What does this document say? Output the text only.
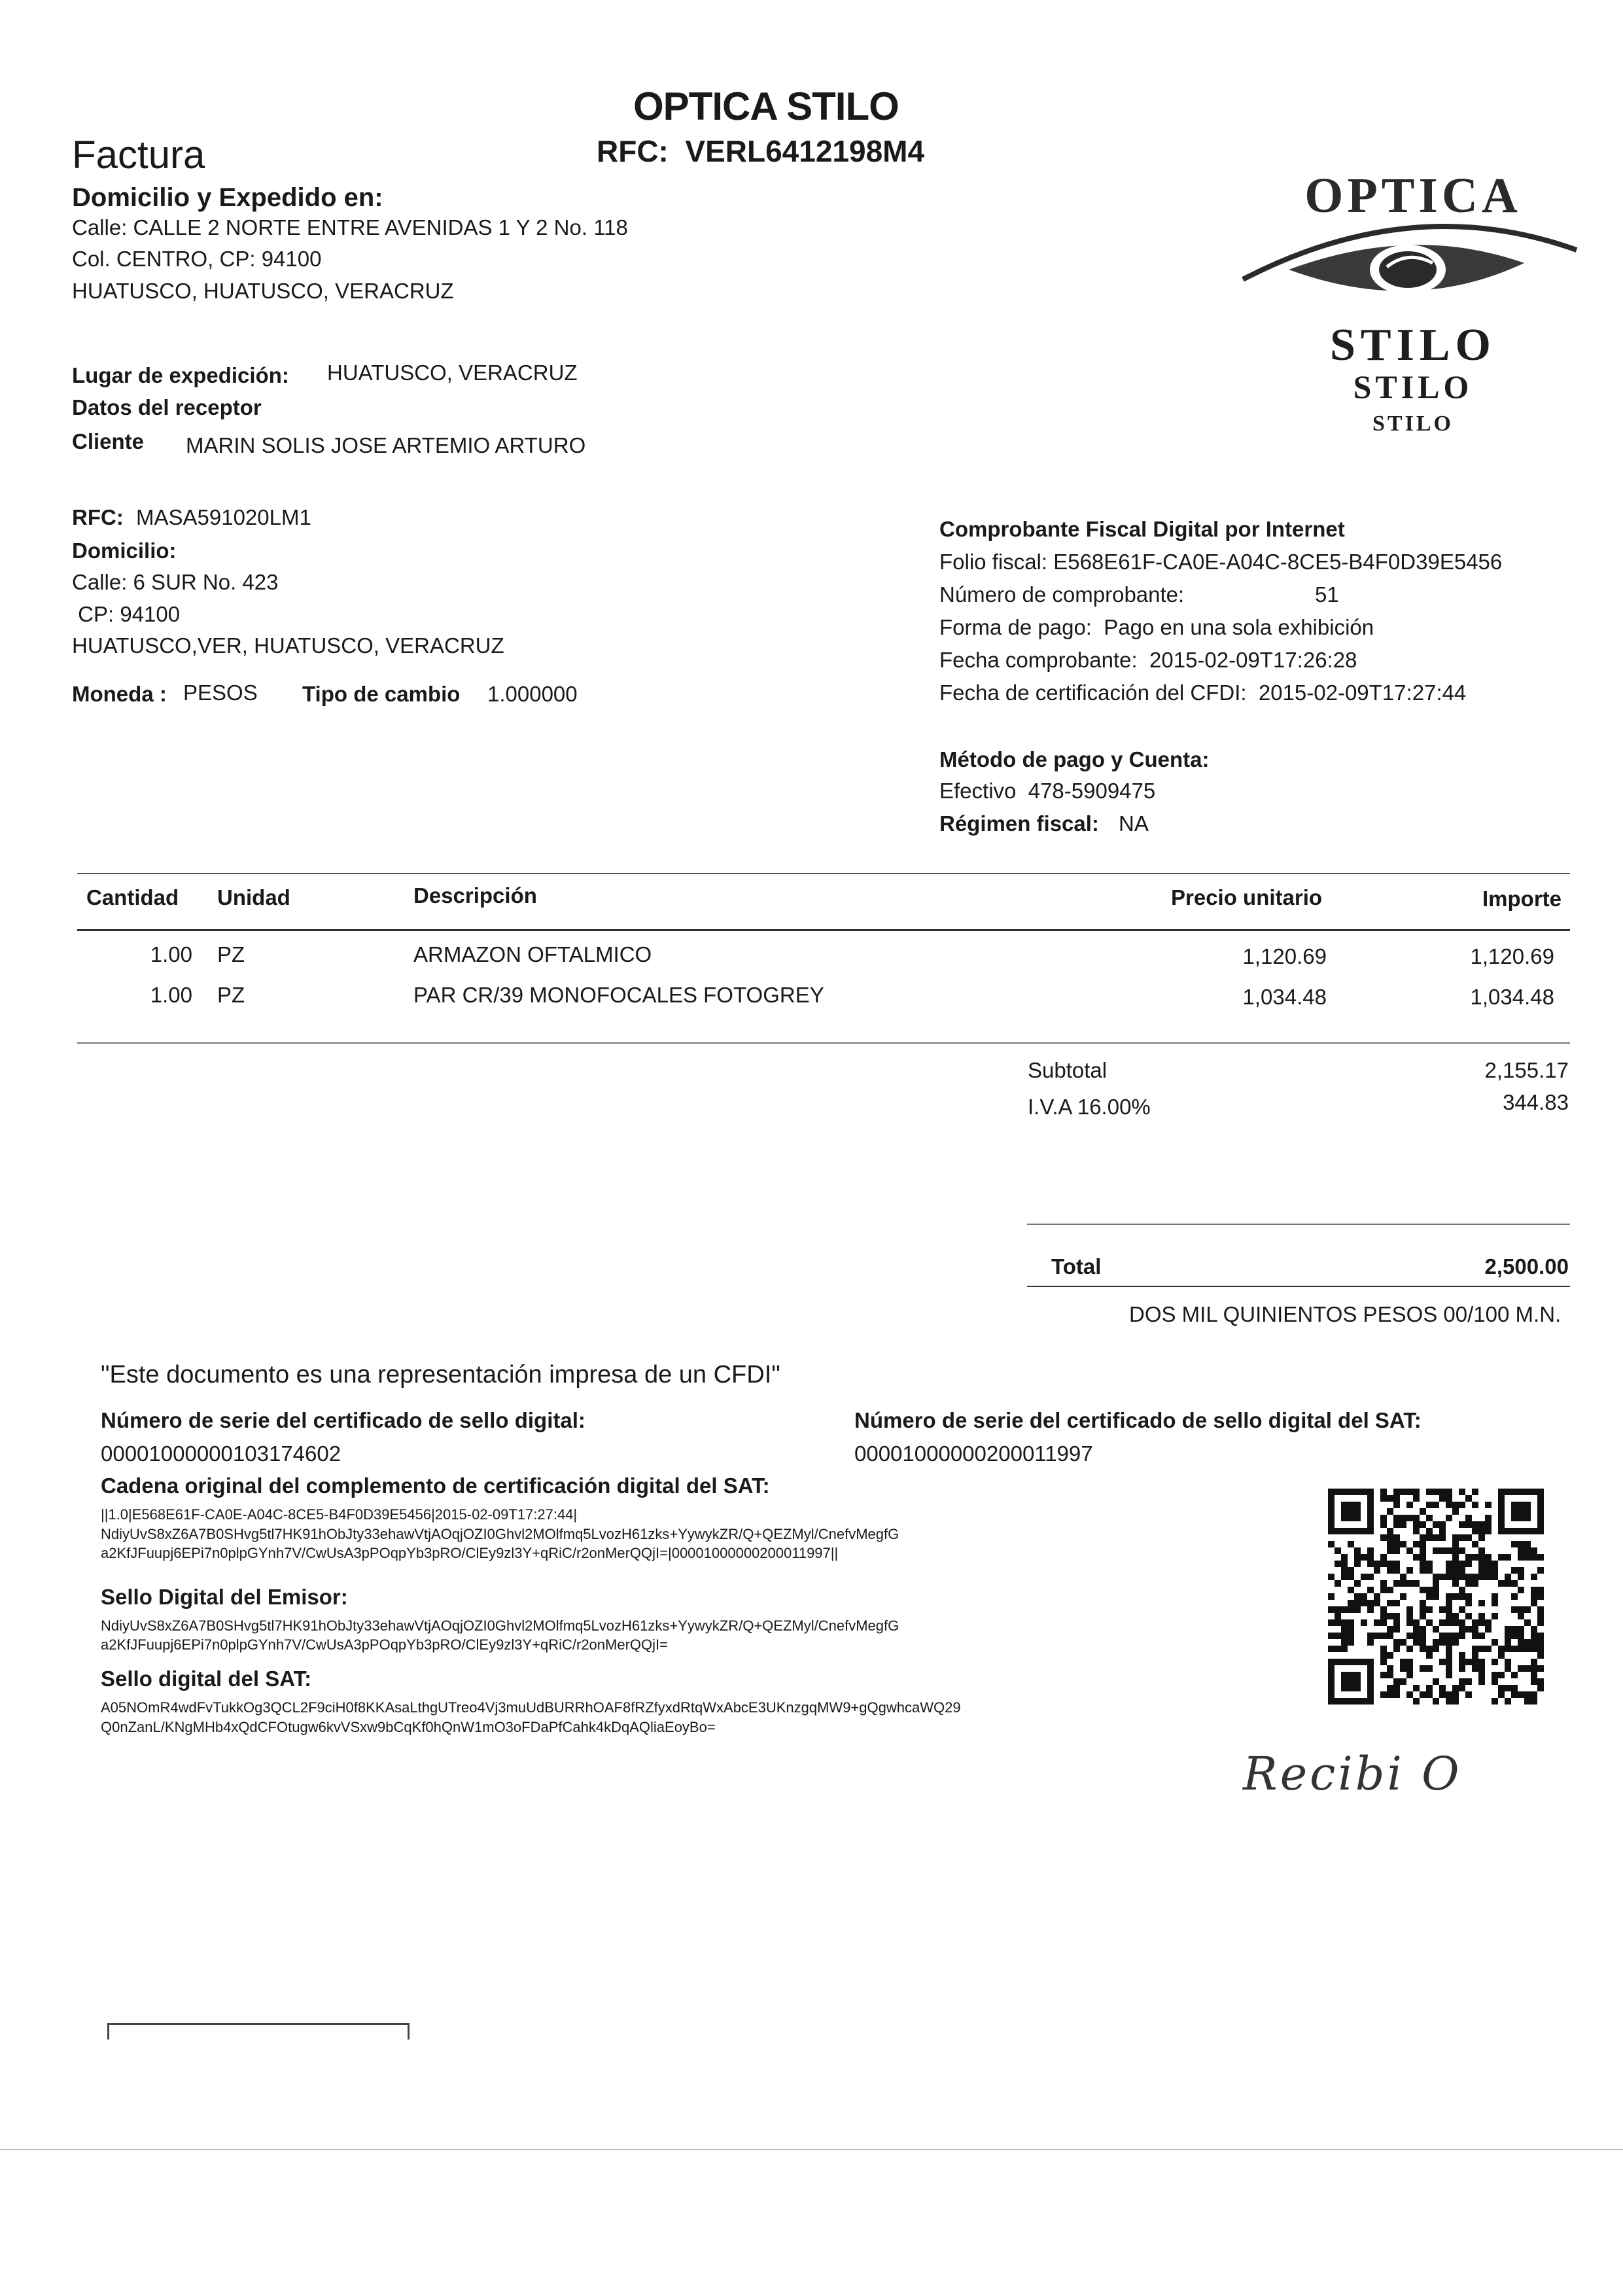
OPTICA STILO
RFC:  VERL6412198M4
Factura
Domicilio y Expedido en:
Calle: CALLE 2 NORTE ENTRE AVENIDAS 1 Y 2 No. 118
Col. CENTRO, CP: 94100
HUATUSCO, HUATUSCO, VERACRUZ
Lugar de expedición: HUATUSCO, VERACRUZ
Datos del receptor
Cliente MARIN SOLIS JOSE ARTEMIO ARTURO
RFC: MASA591020LM1
Domicilio:
Calle: 6 SUR No. 423
CP: 94100
HUATUSCO,VER, HUATUSCO, VERACRUZ
Moneda : PESOS Tipo de cambio 1.000000
OPTICA
STILO
STILO
STILO
Comprobante Fiscal Digital por Internet
Folio fiscal: E568E61F-CA0E-A04C-8CE5-B4F0D39E5456
Número de comprobante:	51
Forma de pago:  Pago en una sola exhibición
Fecha comprobante:  2015-02-09T17:26:28
Fecha de certificación del CFDI:  2015-02-09T17:27:44
Método de pago y Cuenta:
Efectivo  478-5909475
Régimen fiscal: NA
Cantidad Unidad	Descripción	Precio unitario	Importe
1.00 PZ	ARMAZON OFTALMICO	1,120.69	1,120.69
1.00 PZ	PAR CR/39 MONOFOCALES FOTOGREY	1,034.48	1,034.48
Subtotal	2,155.17
I.V.A 16.00%	344.83
Total	2,500.00
DOS MIL QUINIENTOS PESOS 00/100 M.N.
"Este documento es una representación impresa de un CFDI"
Número de serie del certificado de sello digital:
00001000000103174602
Número de serie del certificado de sello digital del SAT:
00001000000200011997
Cadena original del complemento de certificación digital del SAT:
||1.0|E568E61F-CA0E-A04C-8CE5-B4F0D39E5456|2015-02-09T17:27:44|
NdiyUvS8xZ6A7B0SHvg5tl7HK91hObJty33ehawVtjAOqjOZI0Ghvl2MOlfmq5LvozH61zks+YywykZR/Q+QEZMyl/CnefvMegfG
a2KfJFuupj6EPi7n0plpGYnh7V/CwUsA3pPOqpYb3pRO/ClEy9zl3Y+qRiC/r2onMerQQjI=|00001000000200011997||
Sello Digital del Emisor:
NdiyUvS8xZ6A7B0SHvg5tl7HK91hObJty33ehawVtjAOqjOZI0Ghvl2MOlfmq5LvozH61zks+YywykZR/Q+QEZMyl/CnefvMegfG
a2KfJFuupj6EPi7n0plpGYnh7V/CwUsA3pPOqpYb3pRO/ClEy9zl3Y+qRiC/r2onMerQQjI=
Sello digital del SAT:
A05NOmR4wdFvTukkOg3QCL2F9ciH0f8KKAsaLthgUTreo4Vj3muUdBURRhOAF8fRZfyxdRtqWxAbcE3UKnzgqMW9+gQgwhcaWQ29
Q0nZanL/KNgMHb4xQdCFOtugw6kvVSxw9bCqKf0hQnW1mO3oFDaPfCahk4kDqAQliaEoyBo=
Recibi O
